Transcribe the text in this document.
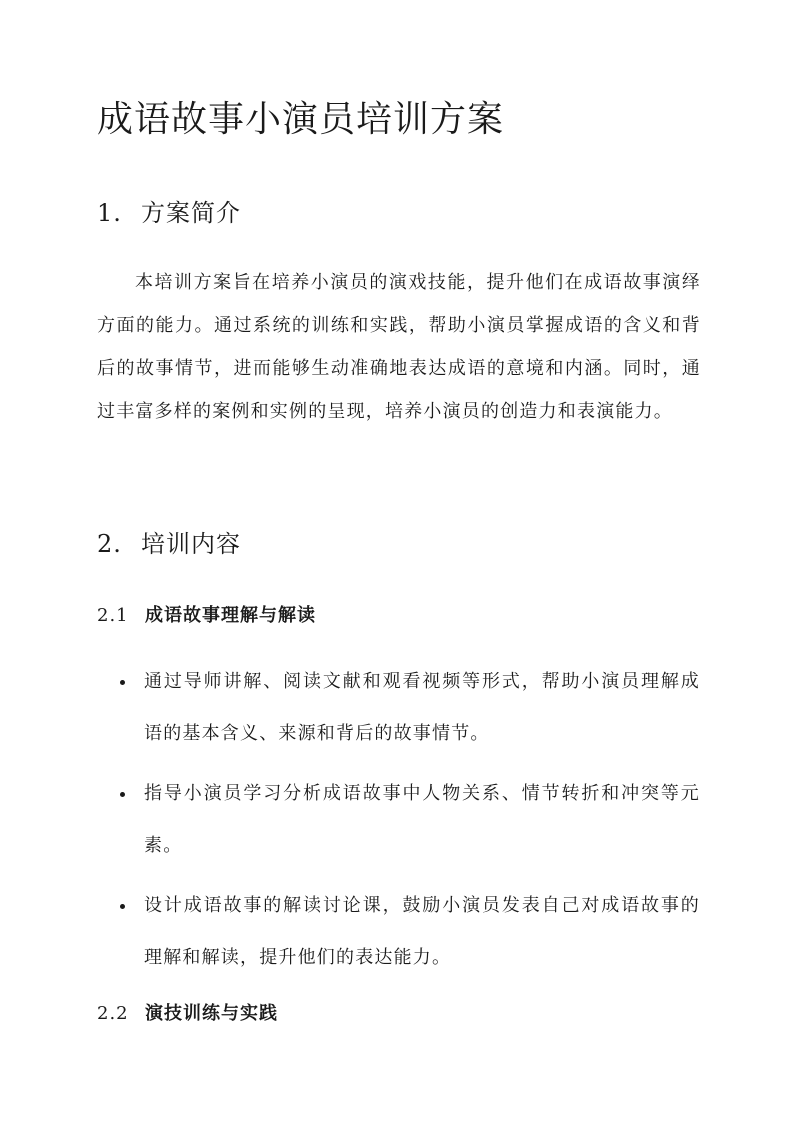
成语故事小演员培训方案
1. 方案简介

本培训方案旨在培养小演员的演戏技能，提升他们在成语故事演绎方面的能力。通过系统的训练和实践，帮助小演员掌握成语的含义和背后的故事情节，进而能够生动准确地表达成语的意境和内涵。同时，通过丰富多样的案例和实例的呈现，培养小演员的创造力和表演能力。

2. 培训内容
2.1 成语故事理解与解读
通过导师讲解、阅读文献和观看视频等形式，帮助小演员理解成语的基本含义、来源和背后的故事情节。
指导小演员学习分析成语故事中人物关系、情节转折和冲突等元素。
设计成语故事的解读讨论课，鼓励小演员发表自己对成语故事的理解和解读，提升他们的表达能力。
2.2 演技训练与实践
